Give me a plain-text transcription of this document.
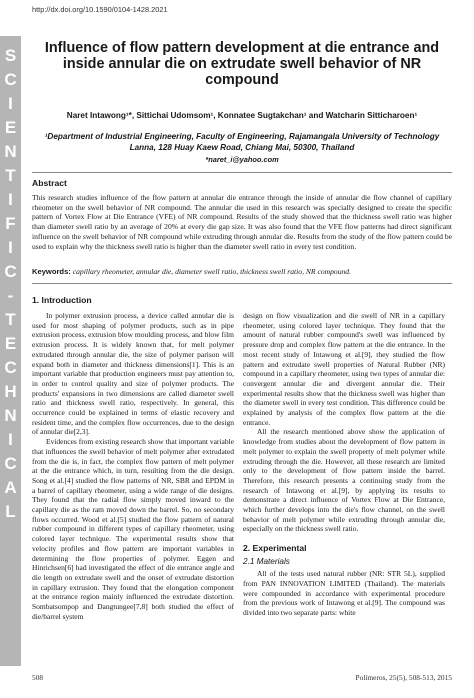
S
C
I
E
N
T
I
F
I
C
-
T
E
C
H
N
I
C
A
L
http://dx.doi.org/10.1590/0104-1428.2021
Influence of flow pattern development at die entrance and inside annular die on extrudate swell behavior of NR compound
Naret Intawong¹*, Sittichai Udomsom¹, Konnatee Sugtakchan¹ and Watcharin Sitticharoen¹
¹Department of Industrial Engineering, Faculty of Engineering, Rajamangala University of Technology Lanna, 128 Huay Kaew Road, Chiang Mai, 50300, Thailand
*naret_i@yahoo.com
Abstract

This research studies influence of the flow pattern at annular die entrance through the inside of annular die flow channel of capillary rheometer on the swell behavior of NR compound. The annular die used in this research was specially designed to create the specific pattern of Vortex Flow at Die Entrance (VFE) of NR compound. Results of the study showed that the thickness swell ratio was higher than diameter swell ratio by an average of 20% at every die gap size. It was also found that the VFE flow patterns had direct significant influence on the swell behavior of NR compound while extruding through annular die. Results from the study of the flow pattern could be used to explain why the thickness swell ratio is higher than the diameter swell ratio in every test condition.

Keywords: capillary rheometer, annular die, diameter swell ratio, thickness swell ratio, NR compound.
1. Introduction

In polymer extrusion process, a device called annular die is used for most shaping of polymer products, such as in pipe extrusion process, extrusion blow moulding process, and blow film extrusion process. It is widely known that, for melt polymer extrudated through annular die, the size of polymer parison will expand both in diameter and thickness dimensions[1]. This is an important variable that production engineers must pay attention to, in order to control quality and size of polymer products. The products' expansions in two dimensions are called diameter swell ratio and thickness swell ratio, respectively. In general, this occurrence could be explained in terms of elastic recovery and resident time, and the complex flow occurrences, due to the design of annular die[2,3].

Evidences from existing research show that important variable that influences the swell behavior of melt polymer after extrudated from the die is, in fact, the complex flow pattern of melt polymer at the die entrance which, in turn, resulting from the die design. Song et al.[4] studied the flow patterns of NR, SBR and EPDM in a barrel of capillary rheometer, using a wide range of die designs. They found that the radial flow simply moved inward to the capillary die as the ram moved down the barrel. So, no secondary flows occurred. Wood et al.[5] studied the flow pattern of natural rubber compound in different types of capillary rheometer, using colored layer technique. The experimental results show that velocity profiles and flow pattern are important variables in determining the flow properties of polymer. Eggen and Hinrichsen[6] had investigated the effect of die entrance angle and die length on extrudate swell and the onset of extrudate distortion in capillary extrusion. They found that the elongation component at the entrance region mainly influenced the extrudate distortion. Sombatsompop and Dangtungee[7,8] both studied the effect of die/barrel system

design on flow visualization and die swell of NR in a capillary rheometer, using colored layer technique. They found that the amount of natural rubber compound's swell was influenced by pressure drop and complex flow pattern at the die entrance. In the most recent study of Intawong et al.[9], they studied the flow pattern and extrudate swell properties of Natural Rubber (NR) compound in a capillary rheometer, using two types of annular die: convergent annular die and divergent annular die. Their experimental results show that the thickness swell was higher than the diameter swell in every test condition. This difference could be explained by analysis of the complex flow pattern at the die entrance.

All the research mentioned above show the application of knowledge from studies about the development of flow pattern in melt polymer to explain the swell property of melt polymer while extruding through the die. However, all these research are limited only to the development of flow pattern inside the barrel. Therefore, this research presents a continuing study from the research of Intawong et al.[9], by applying its results to demonstrate a direct influence of Vortex Flow at Die Entrance, which further develops into the die's flow channel, on the swell behavior of melt polymer while extruding through annular die, especially on the thickness swell ratio.

2. Experimental
2.1 Materials

All of the tests used natural rubber (NR: STR 5L), supplied from PAN INNOVATION LIMITED (Thailand). The materials were compounded in accordance with experimental procedure from the previous work of Intawong et al.[9]. The compound was divided into two separate parts: white

508	Polímeros, 25(5), 508-513, 2015
